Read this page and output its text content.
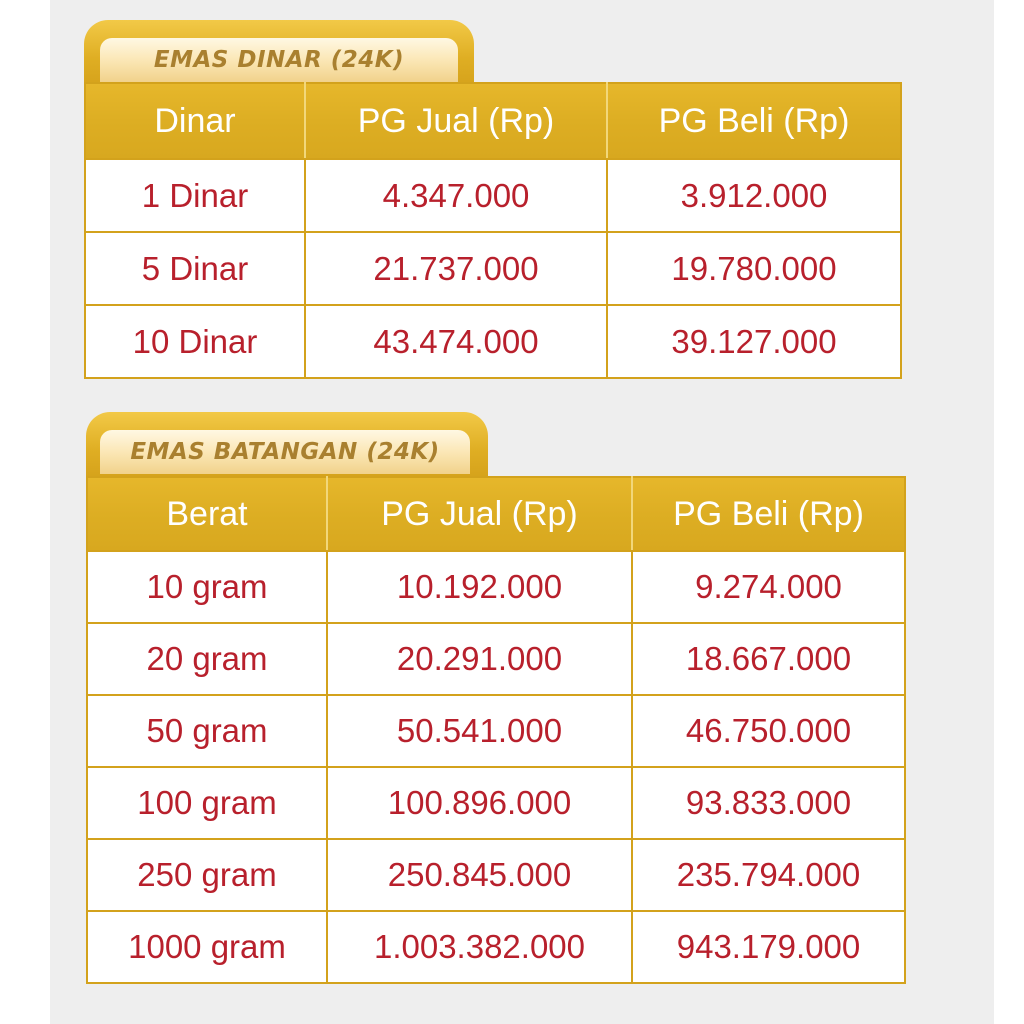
EMAS DINAR (24K)
Dinar	PG Jual (Rp)	PG Beli (Rp)
1 Dinar	4.347.000	3.912.000
5 Dinar	21.737.000	19.780.000
10 Dinar	43.474.000	39.127.000
EMAS BATANGAN (24K)
Berat	PG Jual (Rp)	PG Beli (Rp)
10 gram	10.192.000	9.274.000
20 gram	20.291.000	18.667.000
50 gram	50.541.000	46.750.000
100 gram	100.896.000	93.833.000
250 gram	250.845.000	235.794.000
1000 gram	1.003.382.000	943.179.000
